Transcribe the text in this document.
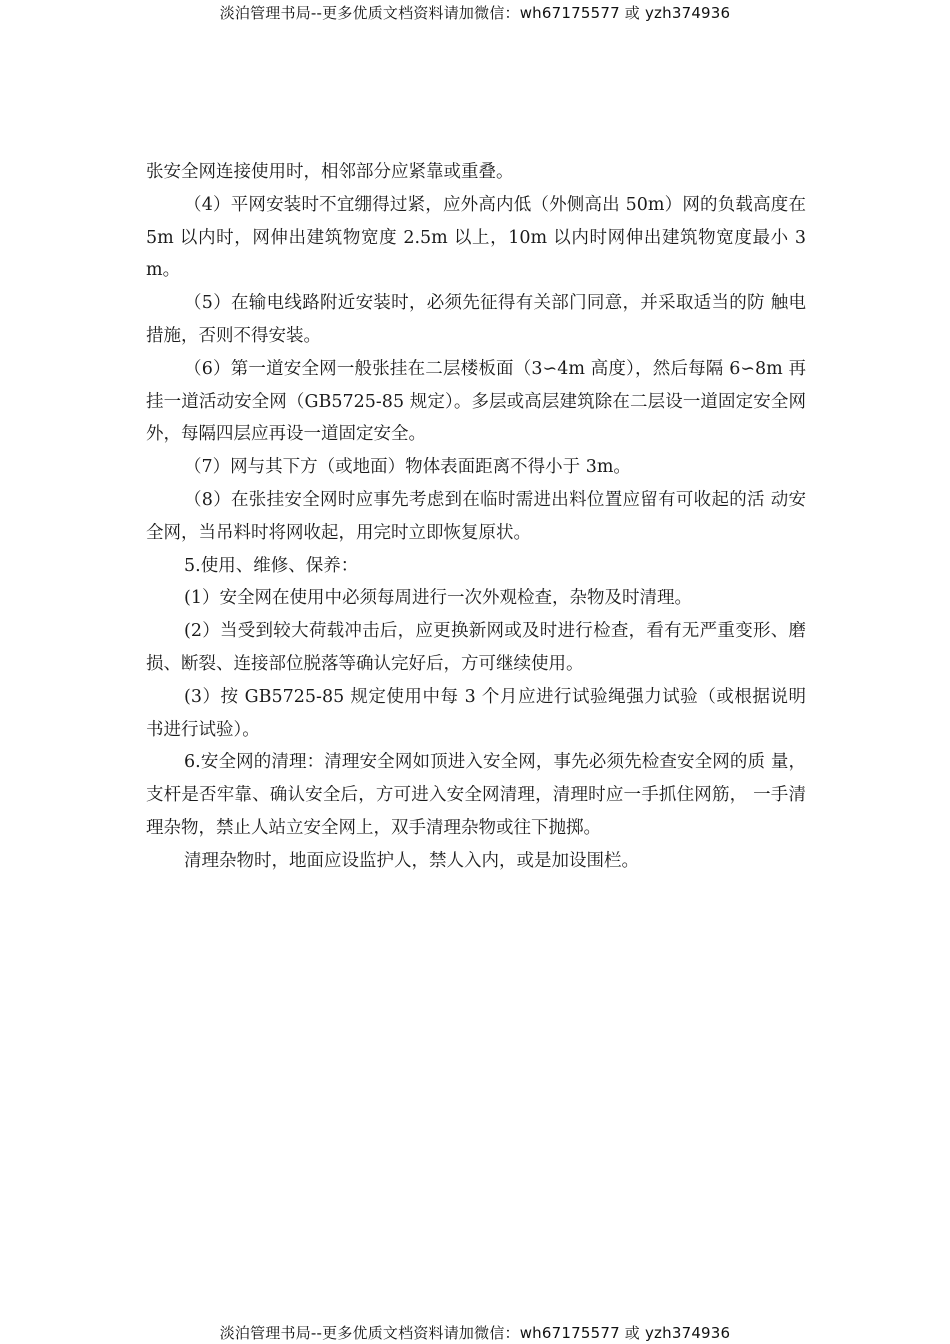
淡泊管理书局--更多优质文档资料请加微信：wh67175577 或 yzh374936

张安全网连接使用时，相邻部分应紧靠或重叠。

（4）平网安装时不宜绷得过紧，应外高内低（外侧高出 50m）网的负载高度在 5m 以内时，网伸出建筑物宽度 2.5m 以上，10m 以内时网伸出建筑物宽度最小 3m。

（5）在输电线路附近安装时，必须先征得有关部门同意，并采取适当的防 触电措施，否则不得安装。

（6）第一道安全网一般张挂在二层楼板面（3∽4m 高度），然后每隔 6∽8m 再挂一道活动安全网（GB5725-85 规定）。多层或高层建筑除在二层设一道固定安全网外，每隔四层应再设一道固定安全。

（7）网与其下方（或地面）物体表面距离不得小于 3m。

（8）在张挂安全网时应事先考虑到在临时需进出料位置应留有可收起的活 动安全网，当吊料时将网收起，用完时立即恢复原状。

5.使用、维修、保养：

(1）安全网在使用中必须每周进行一次外观检查，杂物及时清理。

(2）当受到较大荷载冲击后，应更换新网或及时进行检查，看有无严重变形、磨损、断裂、连接部位脱落等确认完好后，方可继续使用。

(3）按 GB5725-85 规定使用中每 3 个月应进行试验绳强力试验（或根据说明书进行试验）。

6.安全网的清理：清理安全网如顶进入安全网，事先必须先检查安全网的质 量，支杆是否牢靠、确认安全后，方可进入安全网清理，清理时应一手抓住网筋， 一手清理杂物，禁止人站立安全网上，双手清理杂物或往下抛掷。

清理杂物时，地面应设监护人，禁人入内，或是加设围栏。

淡泊管理书局--更多优质文档资料请加微信：wh67175577 或 yzh374936
